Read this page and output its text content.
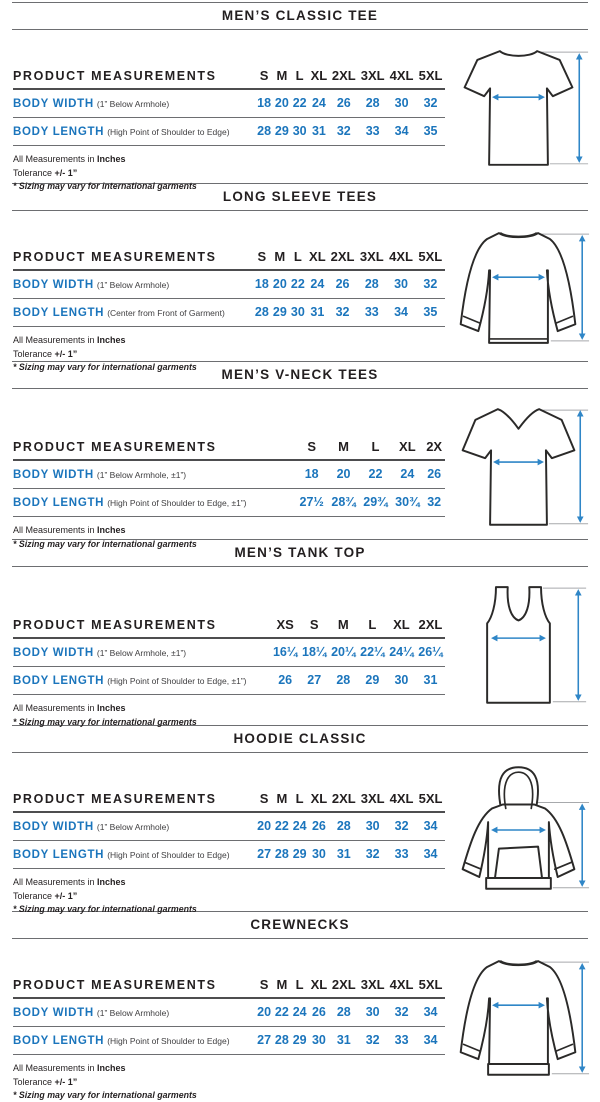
MEN’S CLASSIC TEE
PRODUCT MEASUREMENTS	S	M	L	XL	2XL	3XL	4XL	5XL
BODY WIDTH (1” Below Armhole)	18	20	22	24	26	28	30	32
BODY LENGTH (High Point of Shoulder to Edge)	28	29	30	31	32	33	34	35

All Measurements in Inches

Tolerance +/- 1”

* Sizing may vary for international garments

LONG SLEEVE TEES
PRODUCT MEASUREMENTS	S	M	L	XL	2XL	3XL	4XL	5XL
BODY WIDTH (1” Below Armhole)	18	20	22	24	26	28	30	32
BODY LENGTH (Center from Front of Garment)	28	29	30	31	32	33	34	35

All Measurements in Inches

Tolerance +/- 1”

* Sizing may vary for international garments	MEN’S V-NECK TEES
PRODUCT MEASUREMENTS	S	M	L	XL	2X
BODY WIDTH (1” Below Armhole, ±1”)	18	20	22	24	26
BODY LENGTH (High Point of Shoulder to Edge, ±1”)	27½	28¾	29¾	30¾	32

All Measurements in Inches

* Sizing may vary for international garments

MEN’S TANK TOP
PRODUCT MEASUREMENTS	XS	S	M	L	XL	2XL
BODY WIDTH (1” Below Armhole, ±1”)	16¼	18¼	20¼	22¼	24¼	26¼
BODY LENGTH (High Point of Shoulder to Edge, ±1”)	26	27	28	29	30	31

All Measurements in Inches

* Sizing may vary for international garments

HOODIE CLASSIC
PRODUCT MEASUREMENTS	S	M	L	XL	2XL	3XL	4XL	5XL
BODY WIDTH (1” Below Armhole)	20	22	24	26	28	30	32	34
BODY LENGTH (High Point of Shoulder to Edge)	27	28	29	30	31	32	33	34

All Measurements in Inches

Tolerance +/- 1”

* Sizing may vary for international garments

CREWNECKS
PRODUCT MEASUREMENTS	S	M	L	XL	2XL	3XL	4XL	5XL
BODY WIDTH (1” Below Armhole)	20	22	24	26	28	30	32	34
BODY LENGTH (High Point of Shoulder to Edge)	27	28	29	30	31	32	33	34

All Measurements in Inches

Tolerance +/- 1”

* Sizing may vary for international garments
